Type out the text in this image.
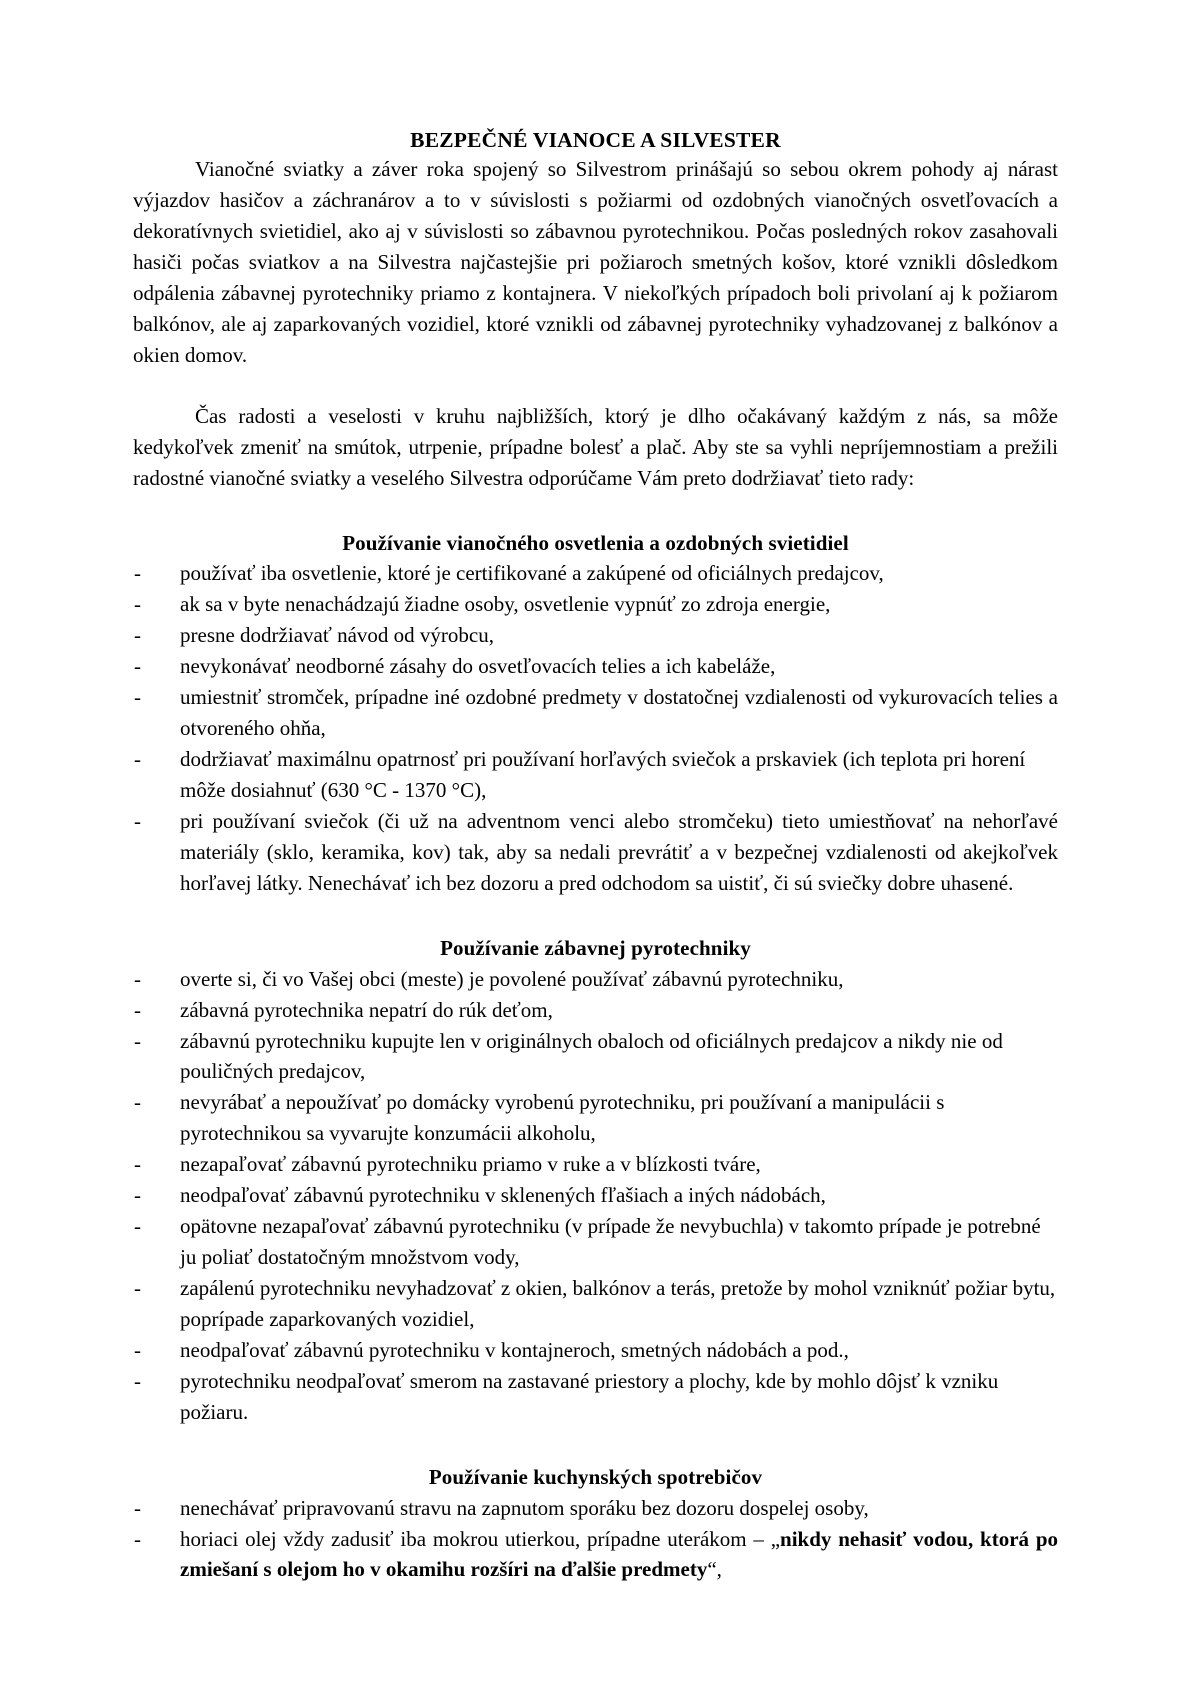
BEZPEČNÉ VIANOCE A SILVESTER

Vianočné sviatky a záver roka spojený so Silvestrom prinášajú so sebou okrem pohody aj nárast výjazdov hasičov a záchranárov a to v súvislosti s požiarmi od ozdobných vianočných osvetľovacích a dekoratívnych svietidiel, ako aj v súvislosti so zábavnou pyrotechnikou. Počas posledných rokov zasahovali hasiči počas sviatkov a na Silvestra najčastejšie pri požiaroch smetných košov, ktoré vznikli dôsledkom odpálenia zábavnej pyrotechniky priamo z kontajnera. V niekoľkých prípadoch boli privolaní aj k požiarom balkónov, ale aj zaparkovaných vozidiel, ktoré vznikli od zábavnej pyrotechniky vyhadzovanej z balkónov a okien domov.

Čas radosti a veselosti v kruhu najbližších, ktorý je dlho očakávaný každým z nás, sa môže kedykoľvek zmeniť na smútok, utrpenie, prípadne bolesť a plač. Aby ste sa vyhli nepríjemnostiam a prežili radostné vianočné sviatky a veselého Silvestra odporúčame Vám preto dodržiavať tieto rady:

Používanie vianočného osvetlenia a ozdobných svietidiel
-	používať iba osvetlenie, ktoré je certifikované a zakúpené od oficiálnych predajcov,
-	ak sa v byte nenachádzajú žiadne osoby, osvetlenie vypnúť zo zdroja energie,
-	presne dodržiavať návod od výrobcu,
-	nevykonávať neodborné zásahy do osvetľovacích telies a ich kabeláže,
-	umiestniť stromček, prípadne iné ozdobné predmety v dostatočnej vzdialenosti od vykurovacích telies a otvoreného ohňa,
-	dodržiavať maximálnu opatrnosť pri používaní horľavých sviečok a prskaviek (ich teplota pri horení môže dosiahnuť (630 °C - 1370 °C),
-	pri používaní sviečok (či už na adventnom venci alebo stromčeku) tieto umiestňovať na nehorľavé materiály (sklo, keramika, kov) tak, aby sa nedali prevrátiť a v bezpečnej vzdialenosti od akejkoľvek horľavej látky. Nenechávať ich bez dozoru a pred odchodom sa uistiť, či sú sviečky dobre uhasené.
Používanie zábavnej pyrotechniky
-	overte si, či vo Vašej obci (meste) je povolené používať zábavnú pyrotechniku,
-	zábavná pyrotechnika nepatrí do rúk deťom,
-	zábavnú pyrotechniku kupujte len v originálnych obaloch od oficiálnych predajcov a nikdy nie od pouličných predajcov,
-	nevyrábať a nepoužívať po domácky vyrobenú pyrotechniku, pri používaní a manipulácii s pyrotechnikou sa vyvarujte konzumácii alkoholu,
-	nezapaľovať zábavnú pyrotechniku priamo v ruke a v blízkosti tváre,
-	neodpaľovať zábavnú pyrotechniku v sklenených fľašiach a iných nádobách,
-	opätovne nezapaľovať zábavnú pyrotechniku (v prípade že nevybuchla) v takomto prípade je potrebné ju poliať dostatočným množstvom vody,
-	zapálenú pyrotechniku nevyhadzovať z okien, balkónov a terás, pretože by mohol vzniknúť požiar bytu, poprípade zaparkovaných vozidiel,
-	neodpaľovať zábavnú pyrotechniku v kontajneroch, smetných nádobách a pod.,
-	pyrotechniku neodpaľovať smerom na zastavané priestory a plochy, kde by mohlo dôjsť k vzniku požiaru.
Používanie kuchynských spotrebičov
-	nenechávať pripravovanú stravu na zapnutom sporáku bez dozoru dospelej osoby,
-	horiaci olej vždy zadusiť iba mokrou utierkou, prípadne uterákom – „nikdy nehasiť vodou, ktorá po zmiešaní s olejom ho v okamihu rozšíri na ďalšie predmety“,
